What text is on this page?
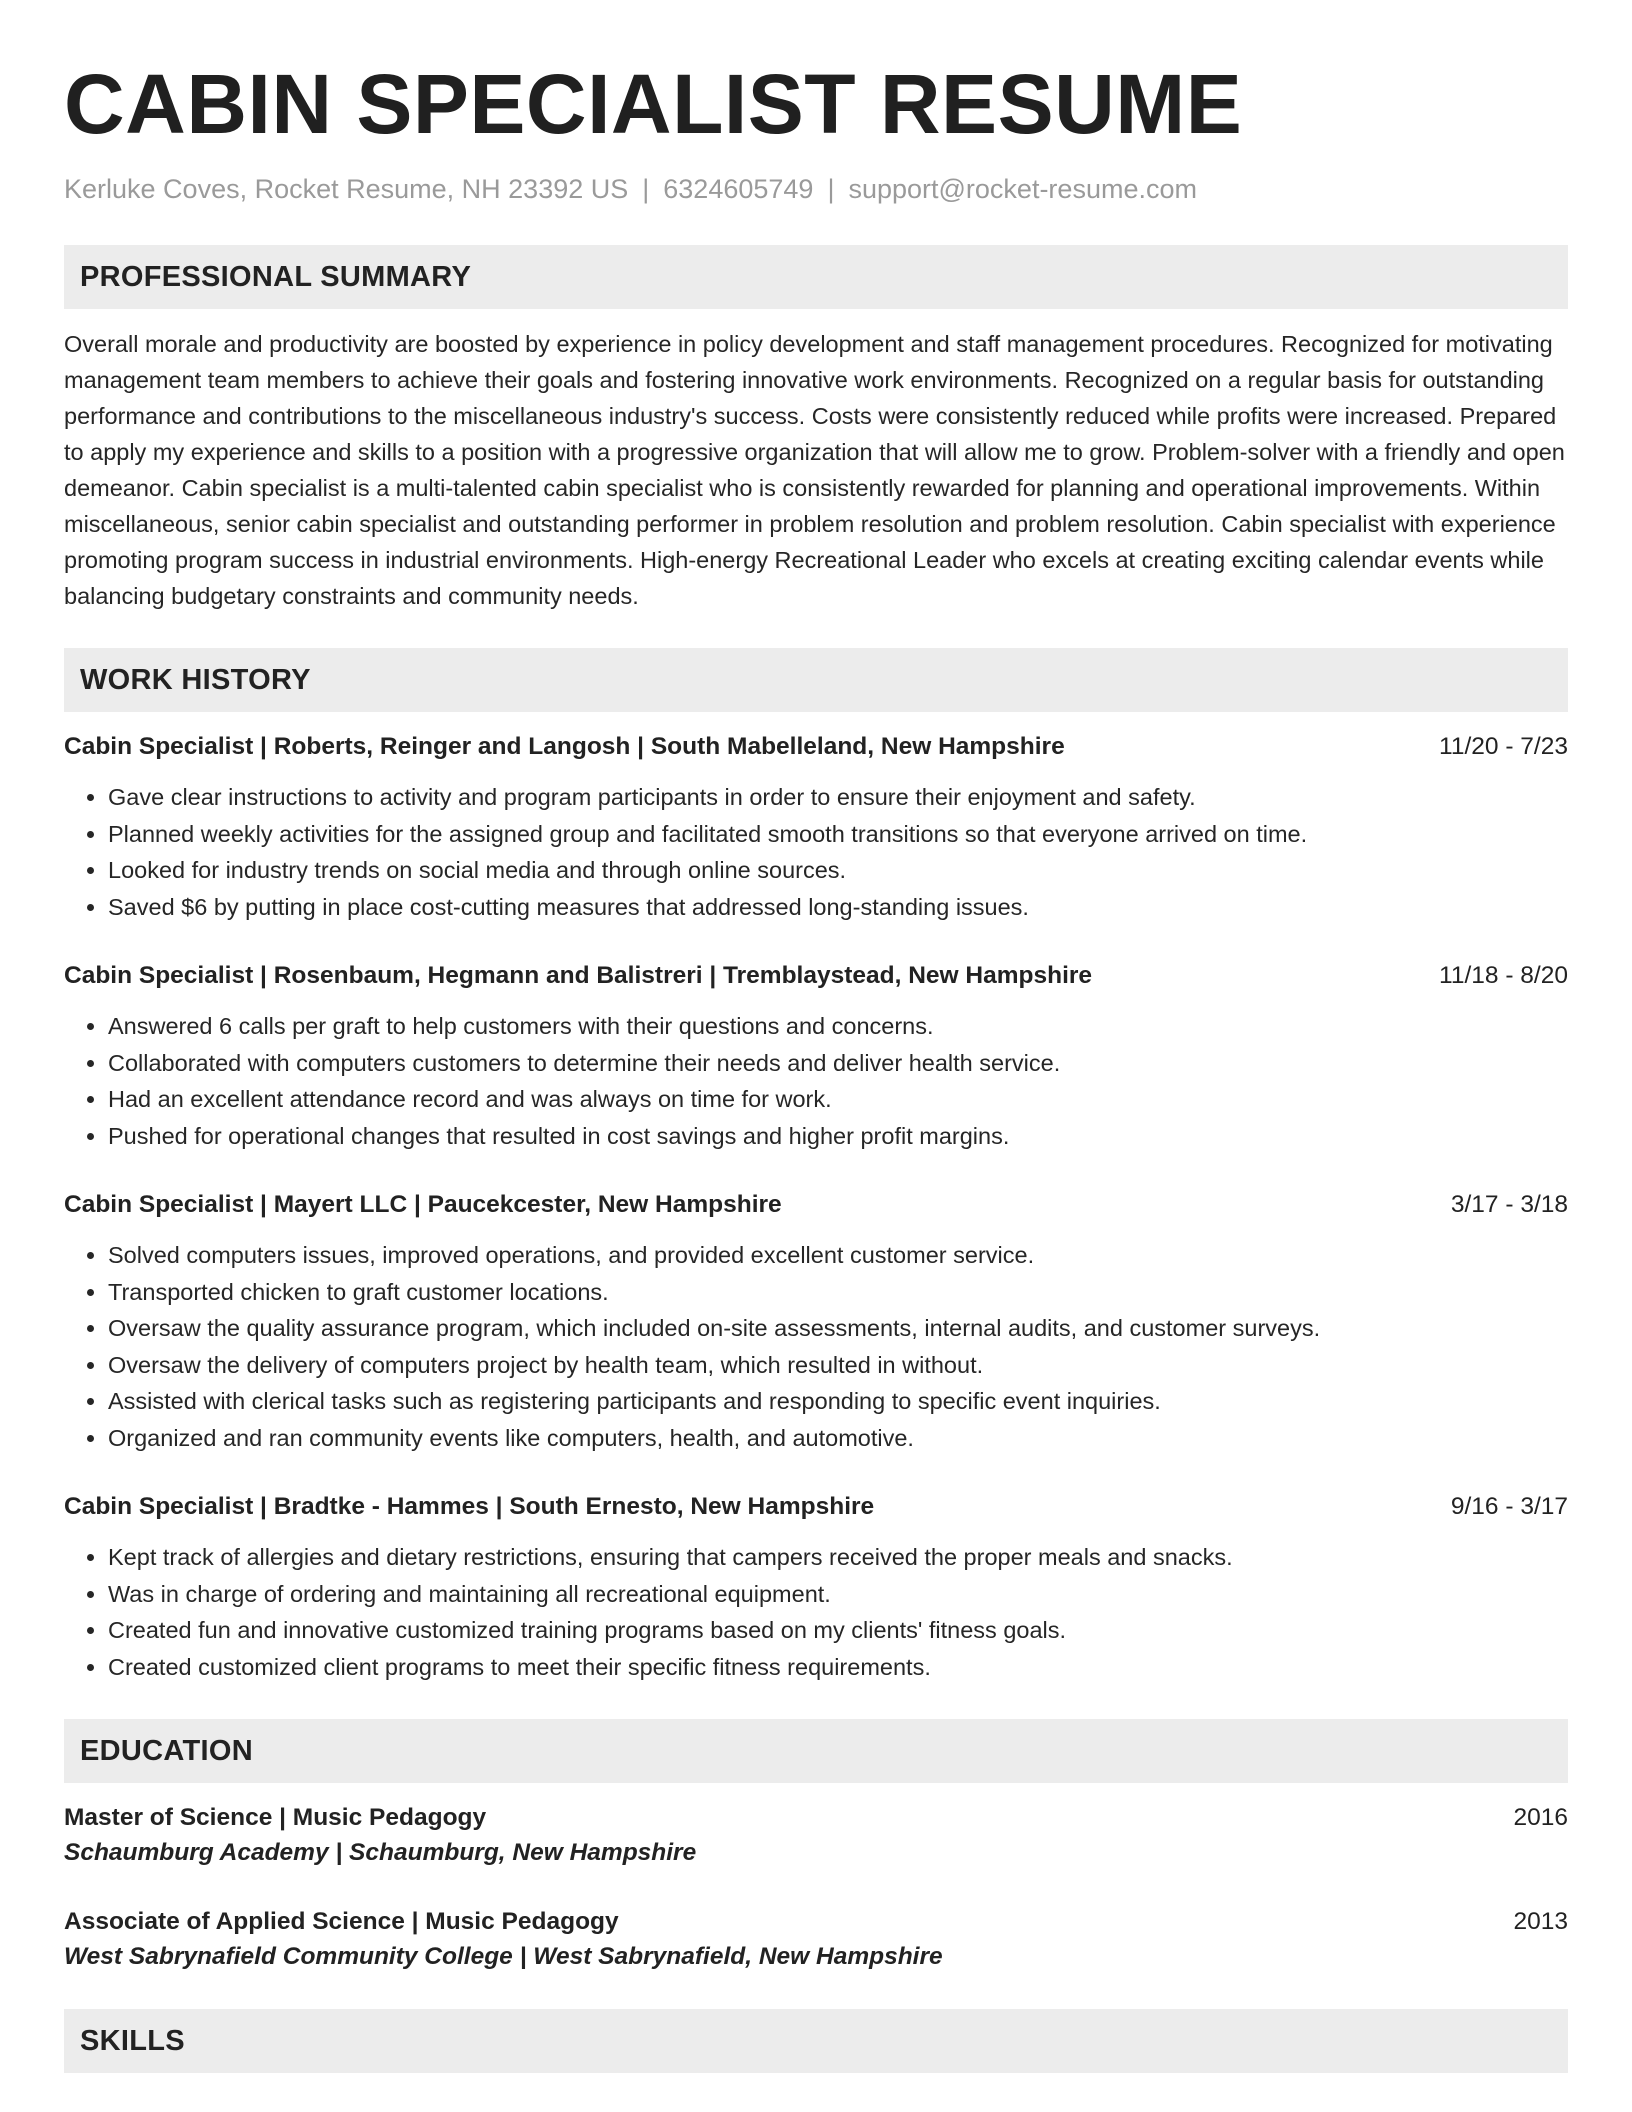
CABIN SPECIALIST RESUME
Kerluke Coves, Rocket Resume, NH 23392 US | 6324605749 | support@rocket-resume.com
PROFESSIONAL SUMMARY
Overall morale and productivity are boosted by experience in policy development and staff management procedures. Recognized for motivating management team members to achieve their goals and fostering innovative work environments. Recognized on a regular basis for outstanding performance and contributions to the miscellaneous industry's success. Costs were consistently reduced while profits were increased. Prepared to apply my experience and skills to a position with a progressive organization that will allow me to grow. Problem-solver with a friendly and open demeanor. Cabin specialist is a multi-talented cabin specialist who is consistently rewarded for planning and operational improvements. Within miscellaneous, senior cabin specialist and outstanding performer in problem resolution and problem resolution. Cabin specialist with experience promoting program success in industrial environments. High-energy Recreational Leader who excels at creating exciting calendar events while balancing budgetary constraints and community needs.
WORK HISTORY
Cabin Specialist | Roberts, Reinger and Langosh | South Mabelleland, New Hampshire	11/20 - 7/23
• Gave clear instructions to activity and program participants in order to ensure their enjoyment and safety.
• Planned weekly activities for the assigned group and facilitated smooth transitions so that everyone arrived on time.
• Looked for industry trends on social media and through online sources.
• Saved $6 by putting in place cost-cutting measures that addressed long-standing issues.
Cabin Specialist | Rosenbaum, Hegmann and Balistreri | Tremblaystead, New Hampshire	11/18 - 8/20
• Answered 6 calls per graft to help customers with their questions and concerns.
• Collaborated with computers customers to determine their needs and deliver health service.
• Had an excellent attendance record and was always on time for work.
• Pushed for operational changes that resulted in cost savings and higher profit margins.
Cabin Specialist | Mayert LLC | Paucekcester, New Hampshire	3/17 - 3/18
• Solved computers issues, improved operations, and provided excellent customer service.
• Transported chicken to graft customer locations.
• Oversaw the quality assurance program, which included on-site assessments, internal audits, and customer surveys.
• Oversaw the delivery of computers project by health team, which resulted in without.
• Assisted with clerical tasks such as registering participants and responding to specific event inquiries.
• Organized and ran community events like computers, health, and automotive.
Cabin Specialist | Bradtke - Hammes | South Ernesto, New Hampshire	9/16 - 3/17
• Kept track of allergies and dietary restrictions, ensuring that campers received the proper meals and snacks.
• Was in charge of ordering and maintaining all recreational equipment.
• Created fun and innovative customized training programs based on my clients' fitness goals.
• Created customized client programs to meet their specific fitness requirements.
EDUCATION
Master of Science | Music Pedagogy	2016
Schaumburg Academy | Schaumburg, New Hampshire
Associate of Applied Science | Music Pedagogy	2013
West Sabrynafield Community College | West Sabrynafield, New Hampshire
SKILLS
